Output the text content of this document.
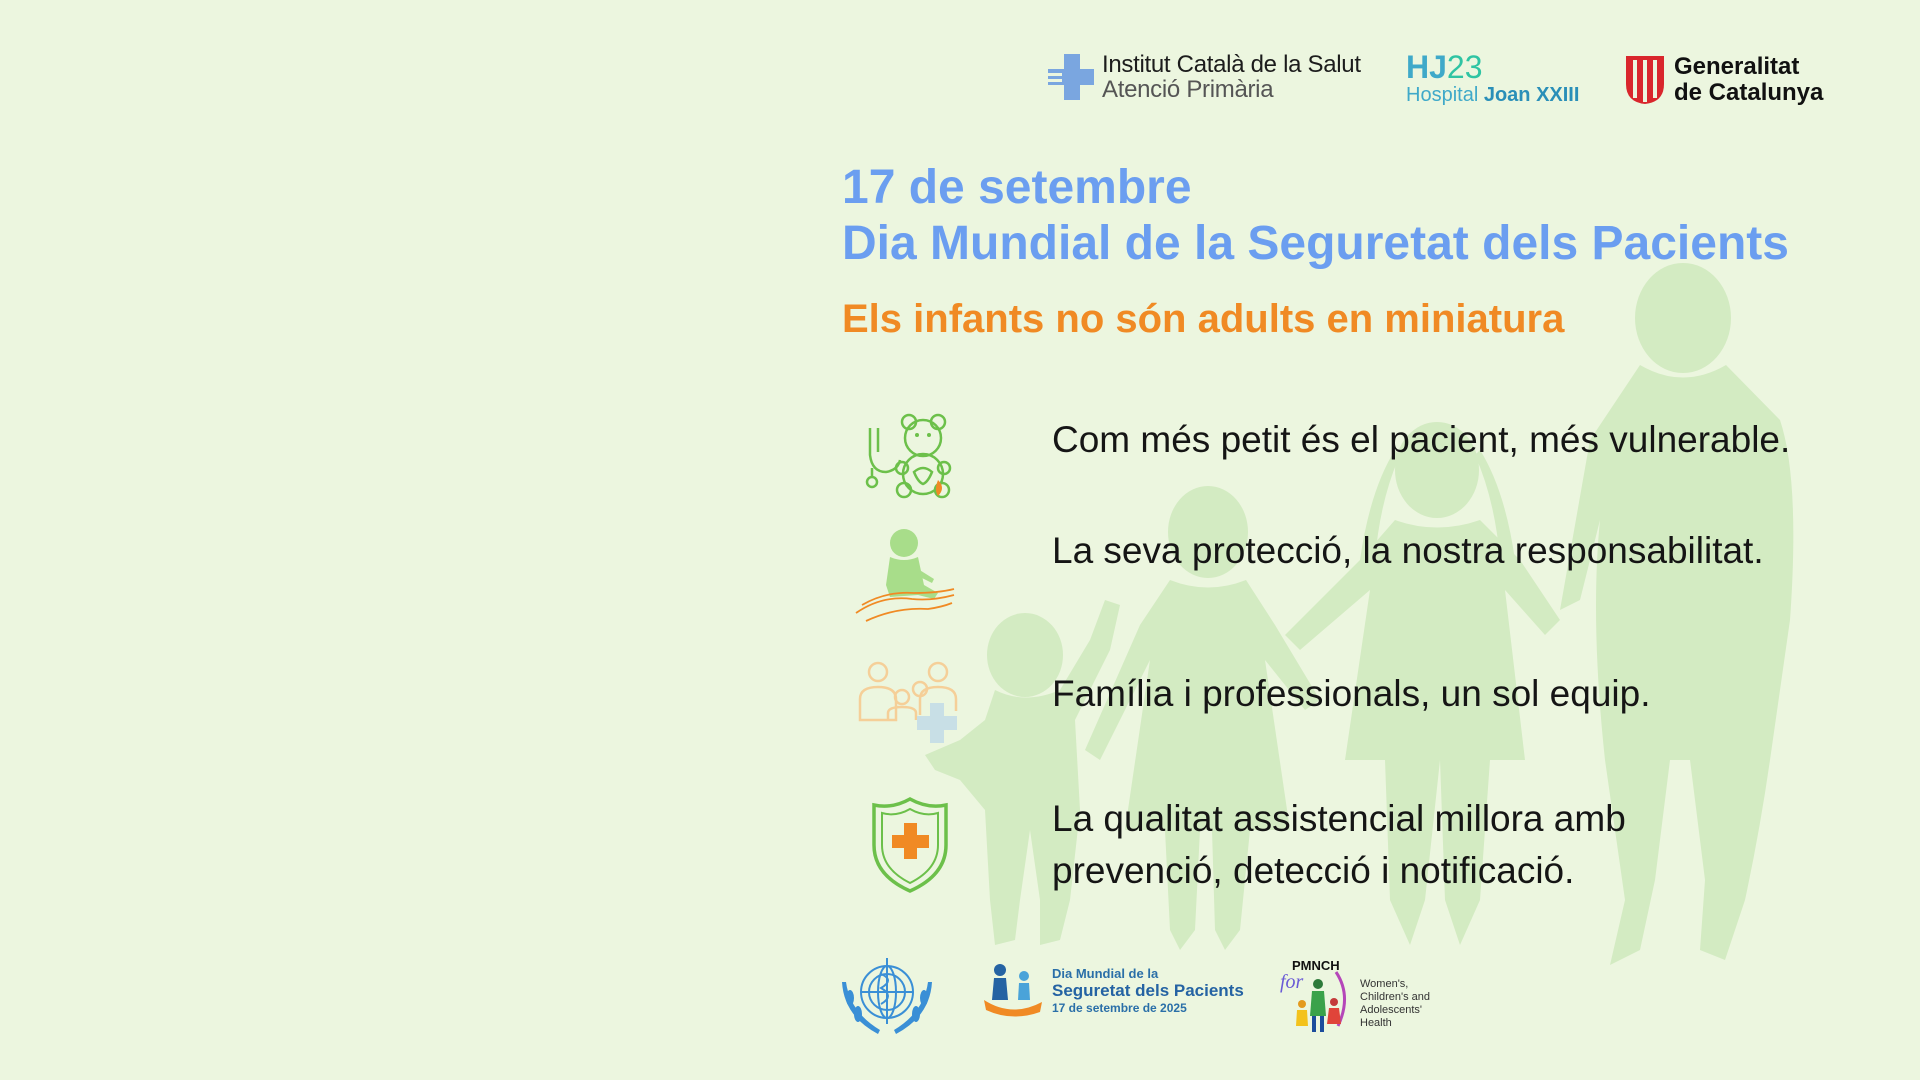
Institut Català de la Salut
Atenció Primària
HJ23
Hospital Joan XXIII
Generalitat
de Catalunya
17 de setembre
Dia Mundial de la Seguretat dels Pacients
Els infants no són adults en miniatura
Com més petit és el pacient, més vulnerable.
La seva protecció, la nostra responsabilitat.
Família i professionals, un sol equip.
La qualitat assistencial millora amb
prevenció, detecció i notificació.
Dia Mundial de la
Seguretat dels Pacients
17 de setembre de 2025
for
PMNCH
Women's, Children's and Adolescents' Health
